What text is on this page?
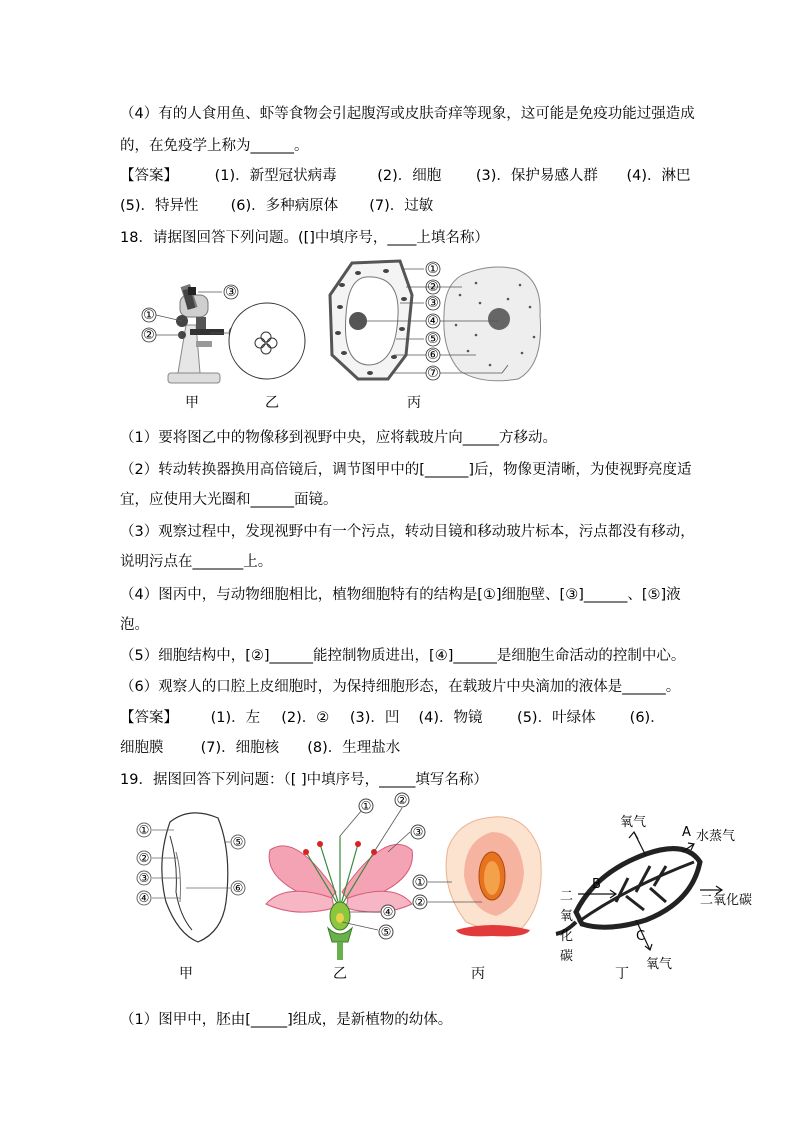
（4）有的人食用鱼、虾等食物会引起腹泻或皮肤奇痒等现象，这可能是免疫功能过强造成
的，在免疫学上称为______。
【答案】	(1)．新型冠状病毒	(2)．细胞 (3)．保护易感人群 (4)．淋巴
(5)．特异性 (6)．多种病原体 (7)．过敏
18．请据图回答下列问题。([]中填序号，____上填名称）
③
①
②
①
②
③
④
⑤
⑥
⑦
甲	乙	丙
（1）要将图乙中的物像移到视野中央，应将载玻片向_____方移动。
（2）转动转换器换用高倍镜后，调节图甲中的[______]后，物像更清晰，为使视野亮度适
宜，应使用大光圈和______面镜。
（3）观察过程中，发现视野中有一个污点，转动目镜和移动玻片标本，污点都没有移动，
说明污点在_______上。
（4）图丙中，与动物细胞相比，植物细胞特有的结构是[①]细胞壁、[③]______、[⑤]液
泡。
（5）细胞结构中，[②]______能控制物质进出，[④]______是细胞生命活动的控制中心。
（6）观察人的口腔上皮细胞时，为保持细胞形态，在载玻片中央滴加的液体是______。
【答案】 (1)．左 (2)．② (3)．凹 (4)．物镜 (5)．叶绿体 (6)．
细胞膜	(7)．细胞核 (8)．生理盐水
19．据图回答下列问题：（[ ]中填序号，_____填写名称）
①
②
③
④
⑤
⑥
① ②
③
④
⑤
①
②
氧气
A 水蒸气
二氧化碳
B
C
氧气
二
氧
化
碳
甲	乙	丙	丁
（1）图甲中，胚由[_____]组成，是新植物的幼体。
